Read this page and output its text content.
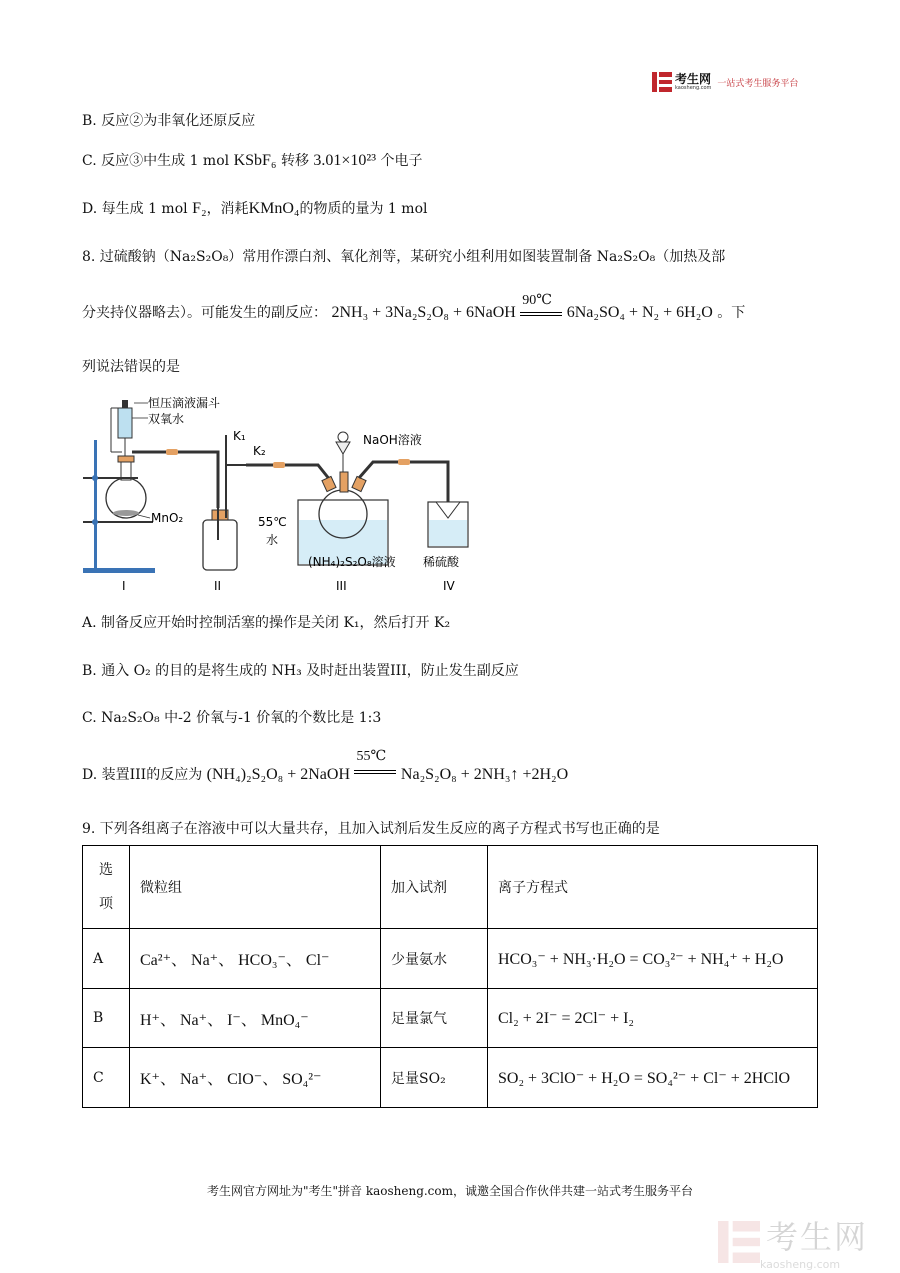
考生网
kaosheng.com 一站式考生服务平台
B. 反应②为非氧化还原反应
C. 反应③中生成 1 mol KSbF₆ 转移 3.01×10²³ 个电子
D. 每生成 1 mol F₂，消耗KMnO₄的物质的量为 1 mol
8. 过硫酸钠（Na₂S₂O₈）常用作漂白剂、氧化剂等，某研究小组利用如图装置制备 Na₂S₂O₈（加热及部
分夹持仪器略去）。可能发生的副反应： 2NH₃ + 3Na₂S₂O₈ + 6NaOH
90℃
6Na₂SO₄ + N₂ + 6H₂O 。下
列说法错误的是
恒压滴液漏斗
双氧水
MnO₂
K₁
K₂
55℃
水
(NH₄)₂S₂O₈溶液
NaOH溶液
稀硫酸
I	II	III	IV
A. 制备反应开始时控制活塞的操作是关闭 K₁，然后打开 K₂
B. 通入 O₂ 的目的是将生成的 NH₃ 及时赶出装置III，防止发生副反应
C. Na₂S₂O₈ 中-2 价氧与-1 价氧的个数比是 1:3
D. 装置III的反应为 (NH₄)₂S₂O₈ + 2NaOH
55℃
Na₂S₂O₈ + 2NH₃↑ +2H₂O
9. 下列各组离子在溶液中可以大量共存，且加入试剂后发生反应的离子方程式书写也正确的是
选
项	微粒组	加入试剂	离子方程式
A	Ca²⁺、 Na⁺、 HCO₃⁻、 Cl⁻	少量氨水	HCO₃⁻ + NH₃·H₂O = CO₃²⁻ + NH₄⁺ + H₂O
B	H⁺、 Na⁺、 I⁻、 MnO₄⁻	足量氯气	Cl₂ + 2I⁻ = 2Cl⁻ + I₂
C	K⁺、 Na⁺、 ClO⁻、 SO₄²⁻	足量SO₂	SO₂ + 3ClO⁻ + H₂O = SO₄²⁻ + Cl⁻ + 2HClO
考生网官方网址为"考生"拼音 kaosheng.com，诚邀全国合作伙伴共建一站式考生服务平台
考生网
kaosheng.com
